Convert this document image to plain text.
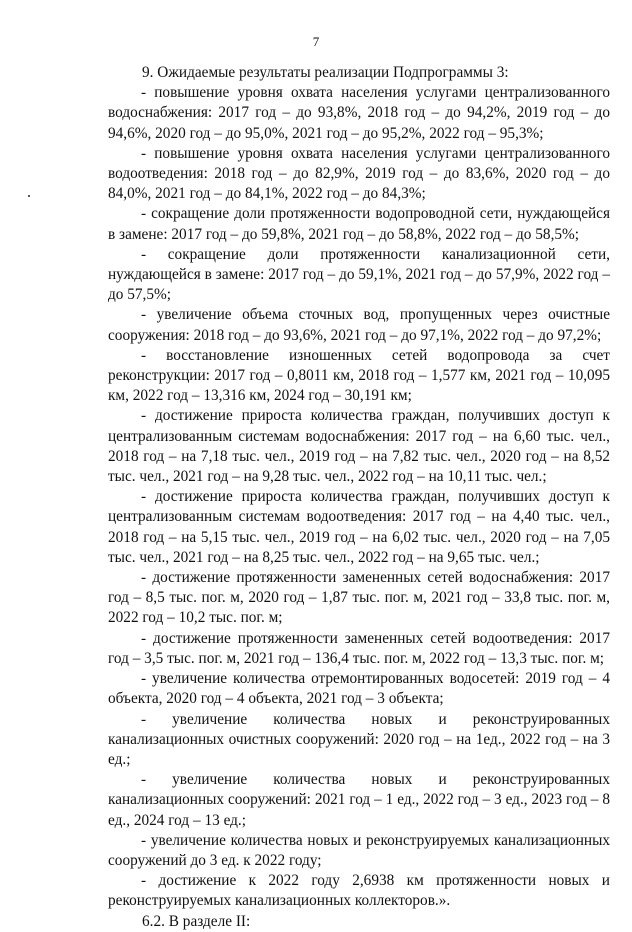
7

9. Ожидаемые результаты реализации Подпрограммы 3:

- повышение уровня охвата населения услугами централизованного водоснабжения: 2017 год – до 93,8%, 2018 год – до 94,2%, 2019 год – до 94,6%, 2020 год – до 95,0%, 2021 год – до 95,2%, 2022 год – 95,3%;

- повышение уровня охвата населения услугами централизованного водоотведения: 2018 год – до 82,9%, 2019 год – до 83,6%, 2020 год – до 84,0%, 2021 год – до 84,1%, 2022 год – до 84,3%;

- сокращение доли протяженности водопроводной сети, нуждающейся в замене: 2017 год – до 59,8%, 2021 год – до 58,8%, 2022 год – до 58,5%;

- сокращение доли протяженности канализационной сети, нуждающейся в замене: 2017 год – до 59,1%, 2021 год – до 57,9%, 2022 год – до 57,5%;

- увеличение объема сточных вод, пропущенных через очистные сооружения: 2018 год – до 93,6%, 2021 год – до 97,1%, 2022 год – до 97,2%;

- восстановление изношенных сетей водопровода за счет реконструкции: 2017 год – 0,8011 км, 2018 год – 1,577 км, 2021 год – 10,095 км, 2022 год – 13,316 км, 2024 год – 30,191 км;

- достижение прироста количества граждан, получивших доступ к централизованным системам водоснабжения: 2017 год – на 6,60 тыс. чел., 2018 год – на 7,18 тыс. чел., 2019 год – на 7,82 тыс. чел., 2020 год – на 8,52 тыс. чел., 2021 год – на 9,28 тыс. чел., 2022 год – на 10,11 тыс. чел.;

- достижение прироста количества граждан, получивших доступ к централизованным системам водоотведения: 2017 год – на 4,40 тыс. чел., 2018 год – на 5,15 тыс. чел., 2019 год – на 6,02 тыс. чел., 2020 год – на 7,05 тыс. чел., 2021 год – на 8,25 тыс. чел., 2022 год – на 9,65 тыс. чел.;

- достижение протяженности замененных сетей водоснабжения: 2017 год – 8,5 тыс. пог. м, 2020 год – 1,87 тыс. пог. м, 2021 год – 33,8 тыс. пог. м, 2022 год – 10,2 тыс. пог. м;

- достижение протяженности замененных сетей водоотведения: 2017 год – 3,5 тыс. пог. м, 2021 год – 136,4 тыс. пог. м, 2022 год – 13,3 тыс. пог. м;

- увеличение количества отремонтированных водосетей: 2019 год – 4 объекта, 2020 год – 4 объекта, 2021 год – 3 объекта;

- увеличение количества новых и реконструированных канализационных очистных сооружений: 2020 год – на 1ед., 2022 год – на 3 ед.;

- увеличение количества новых и реконструированных канализационных сооружений: 2021 год – 1 ед., 2022 год – 3 ед., 2023 год – 8 ед., 2024 год – 13 ед.;

- увеличение количества новых и реконструируемых канализационных сооружений до 3 ед. к 2022 году;

- достижение к 2022 году 2,6938 км протяженности новых и реконструируемых канализационных коллекторов.».

6.2. В разделе II:
